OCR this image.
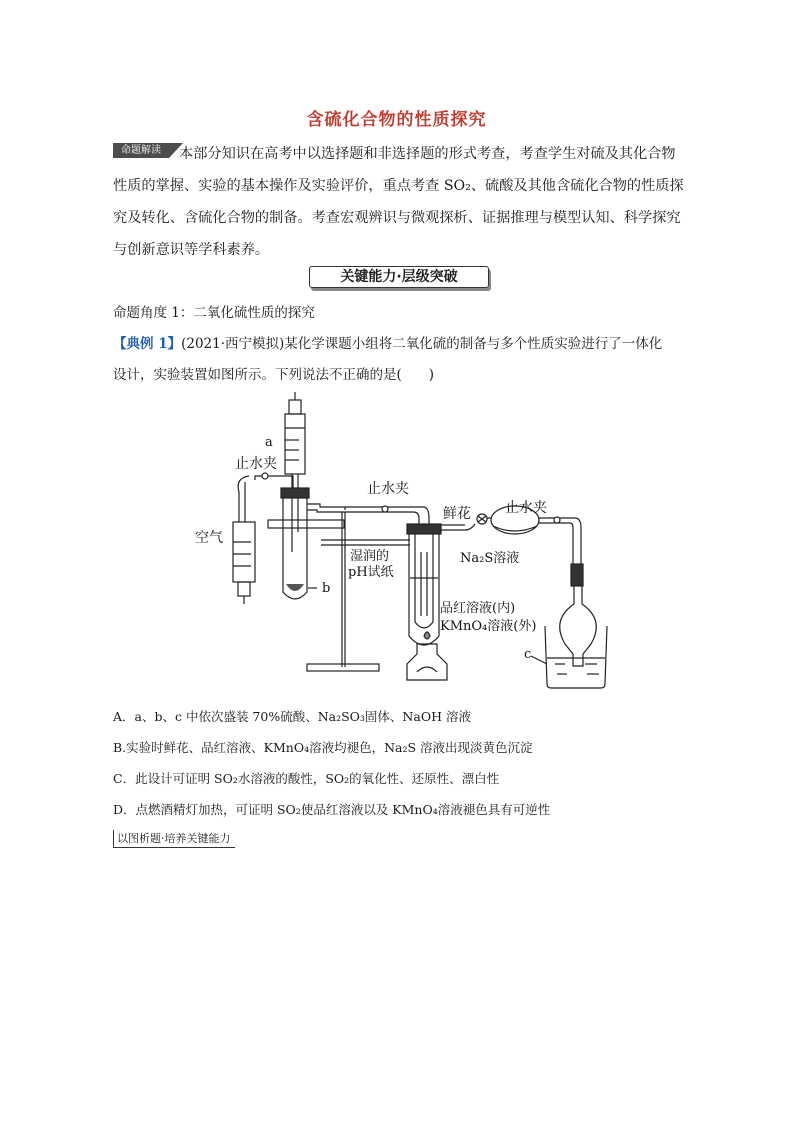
含硫化合物的性质探究
命题解读	本部分知识在高考中以选择题和非选择题的形式考查，考查学生对硫及其化合物性质的掌握、实验的基本操作及实验评价，重点考查 SO₂、硫酸及其他含硫化合物的性质探究及转化、含硫化合物的制备。考查宏观辨识与微观探析、证据推理与模型认知、科学探究与创新意识等学科素养。
关键能力·层级突破
命题角度 1：二氧化硫性质的探究
【典例 1】(2021·西宁模拟)某化学课题小组将二氧化硫的制备与多个性质实验进行了一体化
设计，实验装置如图所示。下列说法不正确的是(　　)
a
b
c
止水夹
止水夹
止水夹
空气
鲜花
湿润的
pH试纸
Na₂S溶液
品红溶液(内)
KMnO₄溶液(外)
A．a、b、c 中依次盛装 70%硫酸、Na₂SO₃固体、NaOH 溶液
B.实验时鲜花、品红溶液、KMnO₄溶液均褪色，Na₂S 溶液出现淡黄色沉淀
C．此设计可证明 SO₂水溶液的酸性，SO₂的氧化性、还原性、漂白性
D．点燃酒精灯加热，可证明 SO₂使品红溶液以及 KMnO₄溶液褪色具有可逆性
以图析题·培养关键能力
